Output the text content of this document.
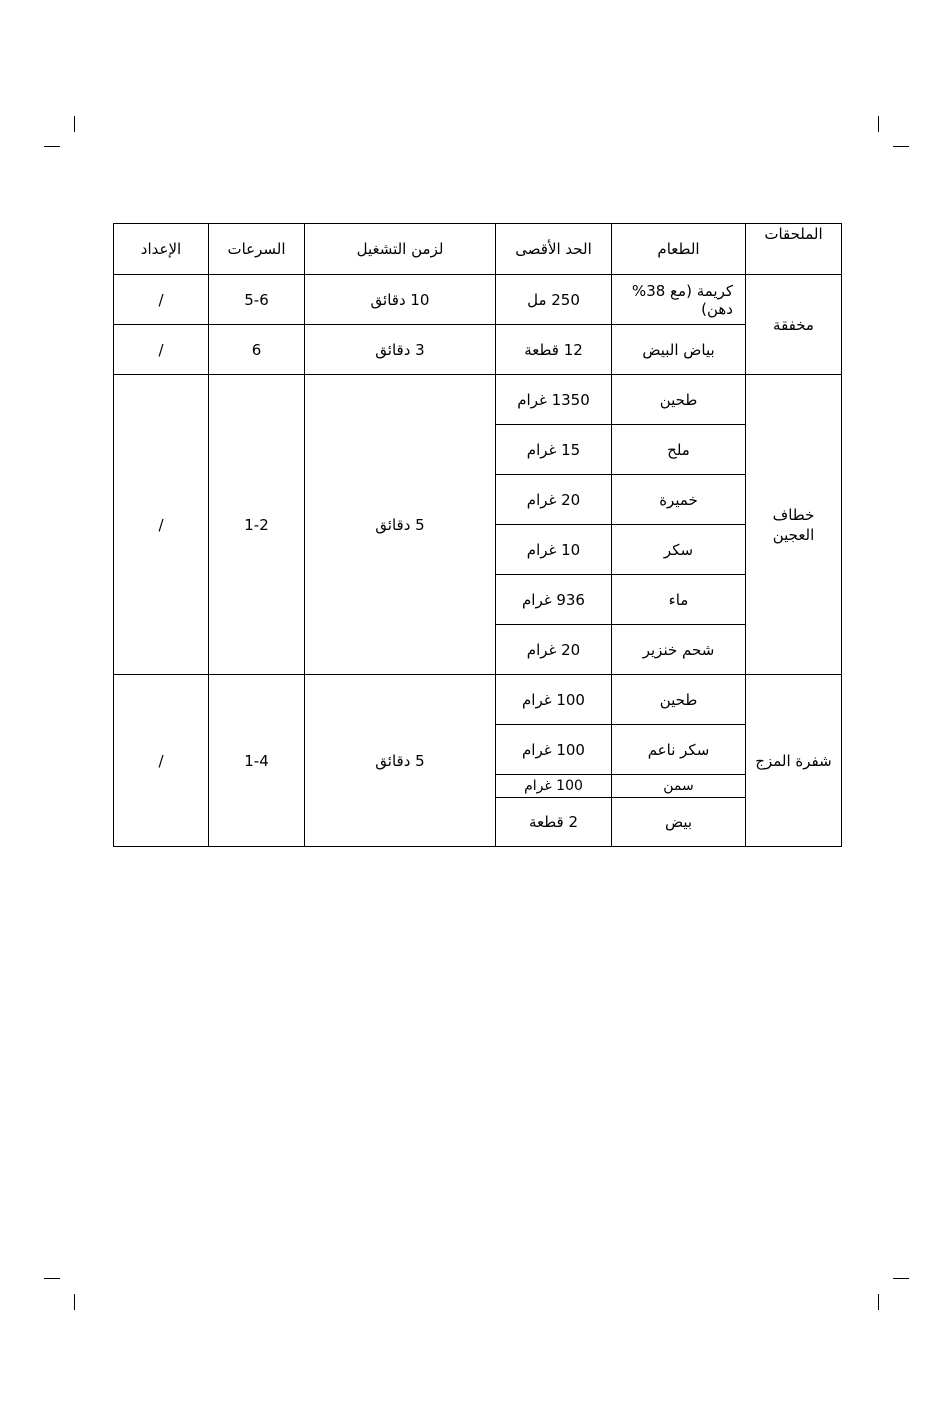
الملحقات	الطعام	الحد الأقصى	لزمن التشغيل	السرعات	الإعداد
مخفقة	كريمة (مع 38% دهن)	250 مل	10 دقائق	5-6	/
	بياض البيض	12 قطعة	3 دقائق	6	/
خطاف العجين	طحين	1350 غرام	5 دقائق	1-2	/
	ملح	15 غرام			
	خميرة	20 غرام			
	سكر	10 غرام			
	ماء	936 غرام			
	شحم خنزير	20 غرام			
شفرة المزج	طحين	100 غرام	5 دقائق	1-4	/
	سكر ناعم	100 غرام			
	سمن	100 غرام			
	بيض	2 قطعة			
